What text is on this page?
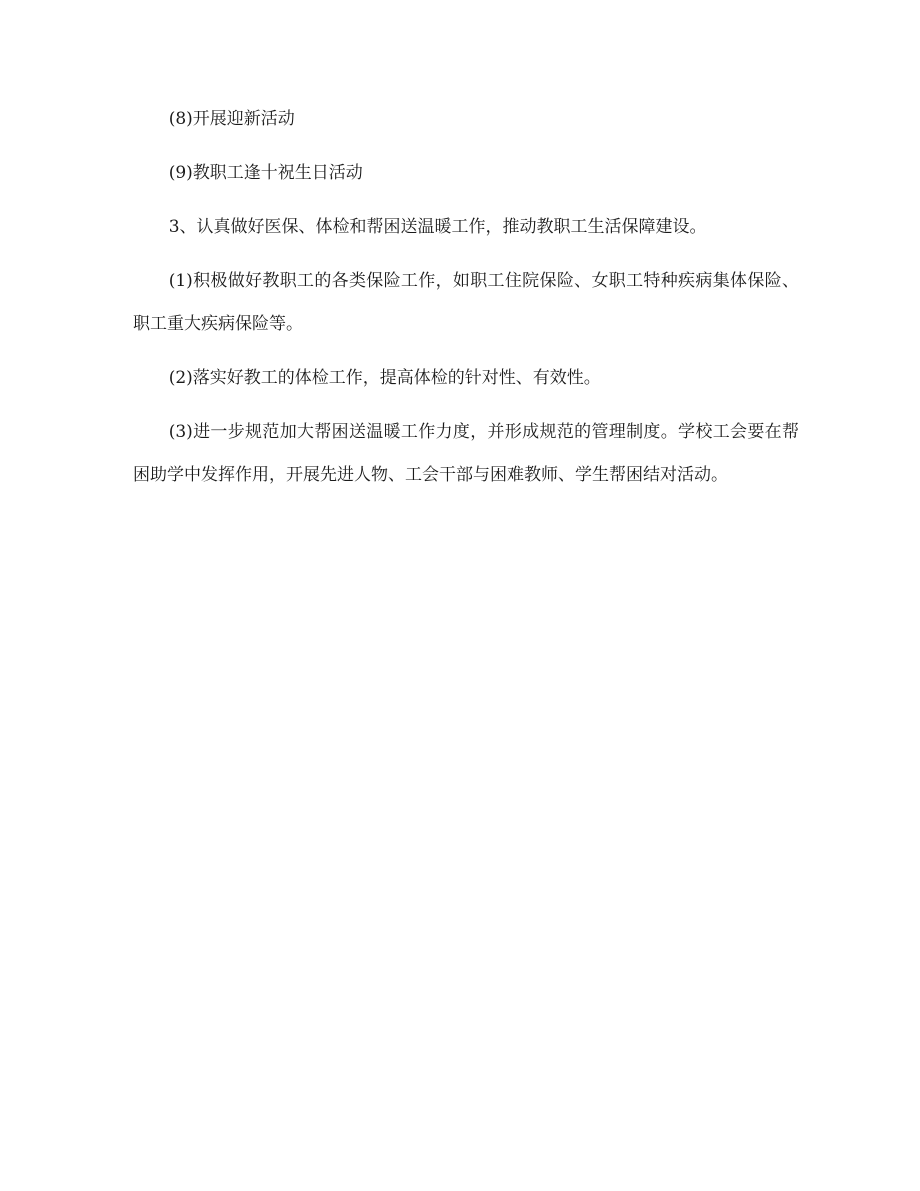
(8)开展迎新活动

(9)教职工逢十祝生日活动

3、认真做好医保、体检和帮困送温暖工作，推动教职工生活保障建设。

(1)积极做好教职工的各类保险工作，如职工住院保险、女职工特种疾病集体保险、职工重大疾病保险等。

(2)落实好教工的体检工作，提高体检的针对性、有效性。

(3)进一步规范加大帮困送温暖工作力度，并形成规范的管理制度。学校工会要在帮困助学中发挥作用，开展先进人物、工会干部与困难教师、学生帮困结对活动。
